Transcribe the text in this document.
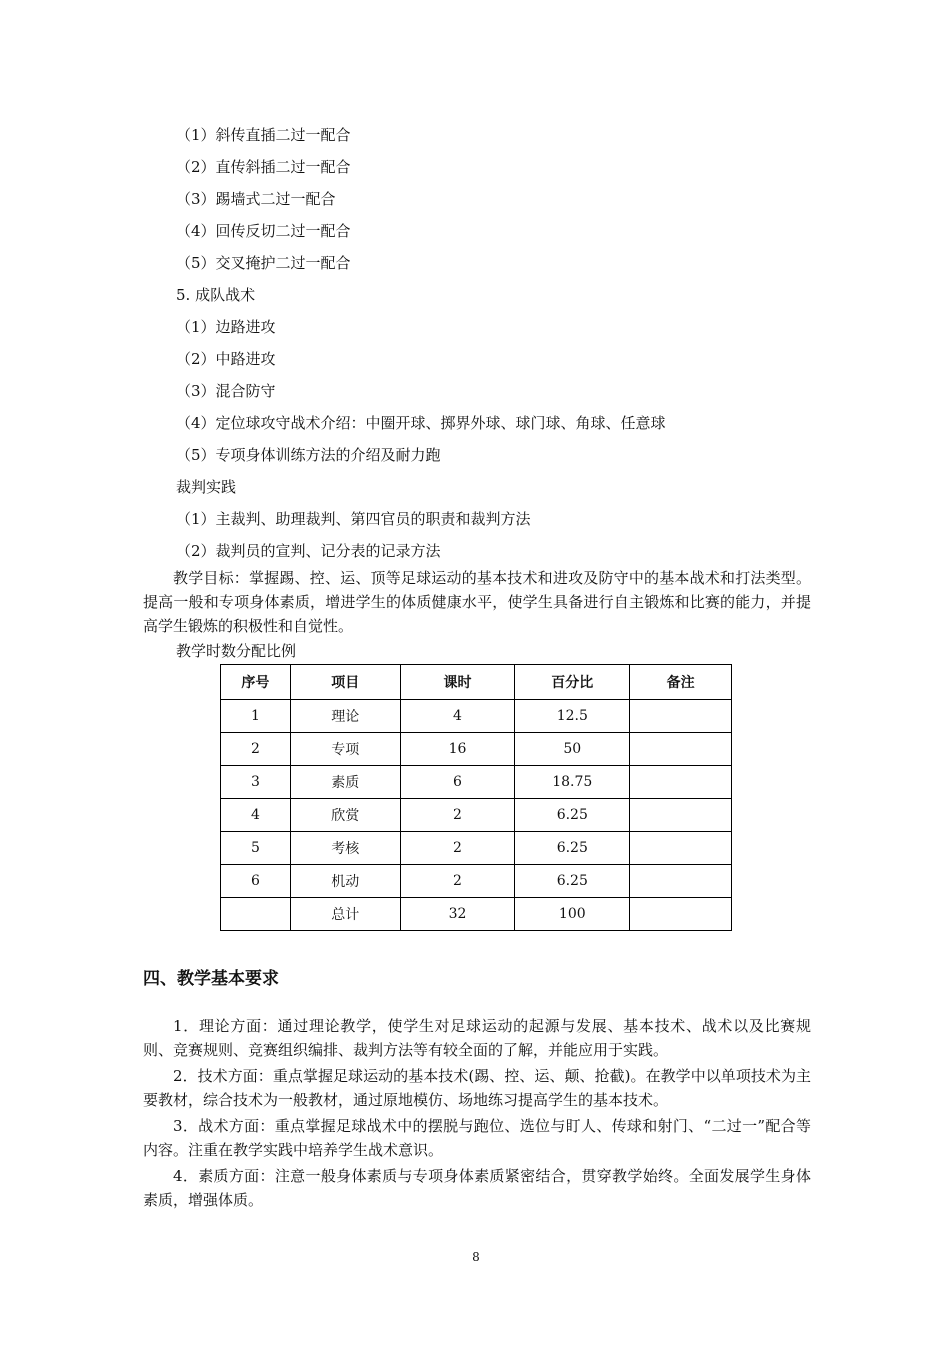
（1）斜传直插二过一配合
（2）直传斜插二过一配合
（3）踢墙式二过一配合
（4）回传反切二过一配合
（5）交叉掩护二过一配合
5. 成队战术
（1）边路进攻
（2）中路进攻
（3）混合防守
（4）定位球攻守战术介绍：中圈开球、掷界外球、球门球、角球、任意球
（5）专项身体训练方法的介绍及耐力跑
裁判实践
（1）主裁判、助理裁判、第四官员的职责和裁判方法
（2）裁判员的宣判、记分表的记录方法
教学目标：掌握踢、控、运、顶等足球运动的基本技术和进攻及防守中的基本战术和打法类型。提高一般和专项身体素质，增进学生的体质健康水平，使学生具备进行自主锻炼和比赛的能力，并提高学生锻炼的积极性和自觉性。
教学时数分配比例
序号	项目	课时	百分比	备注
1	理论	4	12.5	
2	专项	16	50	
3	素质	6	18.75	
4	欣赏	2	6.25	
5	考核	2	6.25	
6	机动	2	6.25	
	总计	32	100	
四、教学基本要求
1．理论方面：通过理论教学，使学生对足球运动的起源与发展、基本技术、战术以及比赛规则、竞赛规则、竞赛组织编排、裁判方法等有较全面的了解，并能应用于实践。
2．技术方面：重点掌握足球运动的基本技术(踢、控、运、颠、抢截)。在教学中以单项技术为主要教材，综合技术为一般教材，通过原地模仿、场地练习提高学生的基本技术。
3．战术方面：重点掌握足球战术中的摆脱与跑位、选位与盯人、传球和射门、“二过一”配合等内容。注重在教学实践中培养学生战术意识。
4．素质方面：注意一般身体素质与专项身体素质紧密结合，贯穿教学始终。全面发展学生身体素质，增强体质。
8
